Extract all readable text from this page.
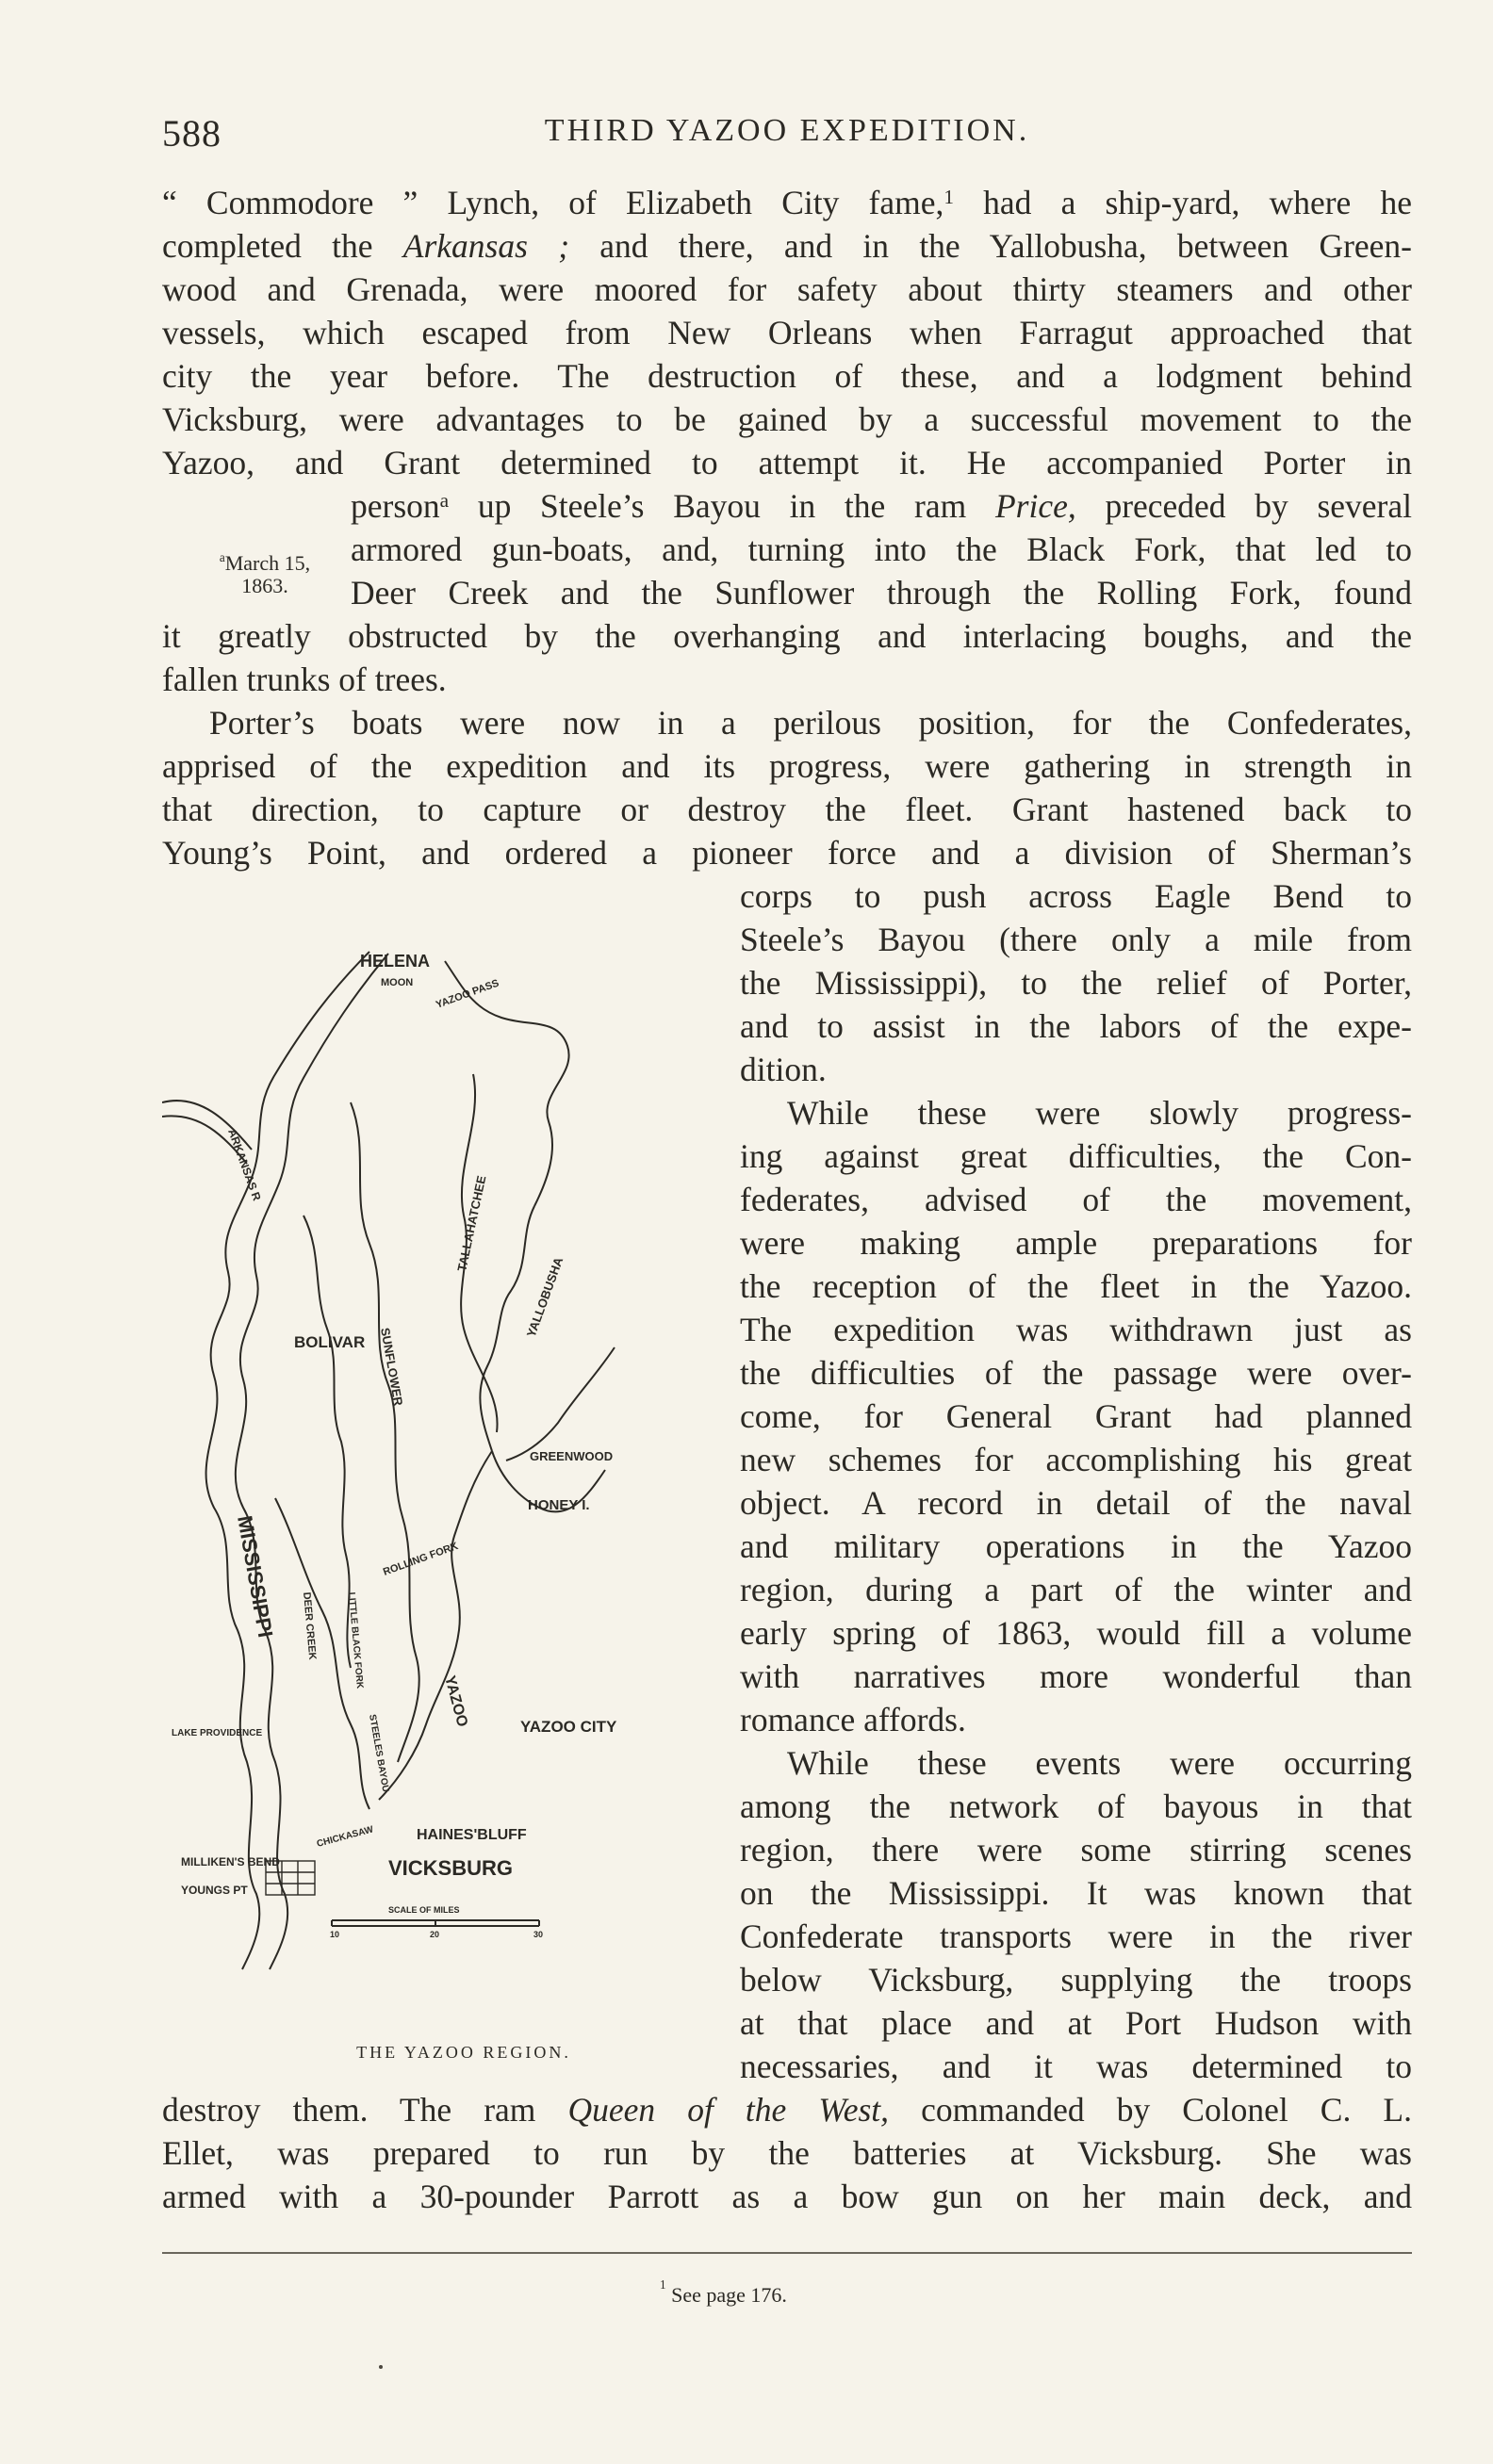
588	THIRD YAZOO EXPEDITION.
“ Commodore ” Lynch, of Elizabeth City fame,$^1$ had a ship-yard, where he
completed the Arkansas ; and there, and in the Yallobusha, between Green-
wood and Grenada, were moored for safety about thirty steamers and other
vessels, which escaped from New Orleans when Farragut approached that
city the year before. The destruction of these, and a lodgment behind
Vicksburg, were advantages to be gained by a successful movement to the
Yazoo, and Grant determined to attempt it. He accompanied Porter in
person$^a$ up Steele’s Bayou in the ram Price, preceded by several
armored gun-boats, and, turning into the Black Fork, that led to
Deer Creek and the Sunflower through the Rolling Fork, found
it greatly obstructed by the overhanging and interlacing boughs, and the
fallen trunks of trees.
$^a$March 15,
1863.
Porter’s boats were now in a perilous position, for the Confederates,
apprised of the expedition and its progress, were gathering in strength in
that direction, to capture or destroy the fleet. Grant hastened back to
Young’s Point, and ordered a pioneer force and a division of Sherman’s
corps to push across Eagle Bend to
Steele’s Bayou (there only a mile from
the Mississippi), to the relief of Porter,
and to assist in the labors of the expe-
dition.
While these were slowly progress-
ing against great difficulties, the Con-
federates, advised of the movement,
were making ample preparations for
the reception of the fleet in the Yazoo.
The expedition was withdrawn just as
the difficulties of the passage were over-
come, for General Grant had planned
new schemes for accomplishing his great
object. A record in detail of the naval
and military operations in the Yazoo
region, during a part of the winter and
early spring of 1863, would fill a volume
with narratives more wonderful than
romance affords.
While these events were occurring
among the network of bayous in that
region, there were some stirring scenes
on the Mississippi. It was known that
Confederate transports were in the river
below Vicksburg, supplying the troops
at that place and at Port Hudson with
necessaries, and it was determined to
destroy them. The ram Queen of the West, commanded by Colonel C. L.
Ellet, was prepared to run by the batteries at Vicksburg. She was
armed with a 30-pounder Parrott as a bow gun on her main deck, and
HELENA
MOON YAZOO PASS
ARKANSAS R
BOLIVAR
MISSISSIPPI
SUNFLOWER
TALLAHATCHEE
YALLOBUSHA
GREENWOOD
HONEY I.
ROLLING FORK
YAZOO CITY
LAKE PROVIDENCE
MILLIKEN'S BEND
YOUNGS PT
HAINES'BLUFF
VICKSBURG
SCALE OF MILES
10	20	30
DEER CREEK	LITTLE BLACK FORK
STEELES BAYOU
CHICKASAW
YAZOO
THE YAZOO REGION.
$^1$ See page 176.
